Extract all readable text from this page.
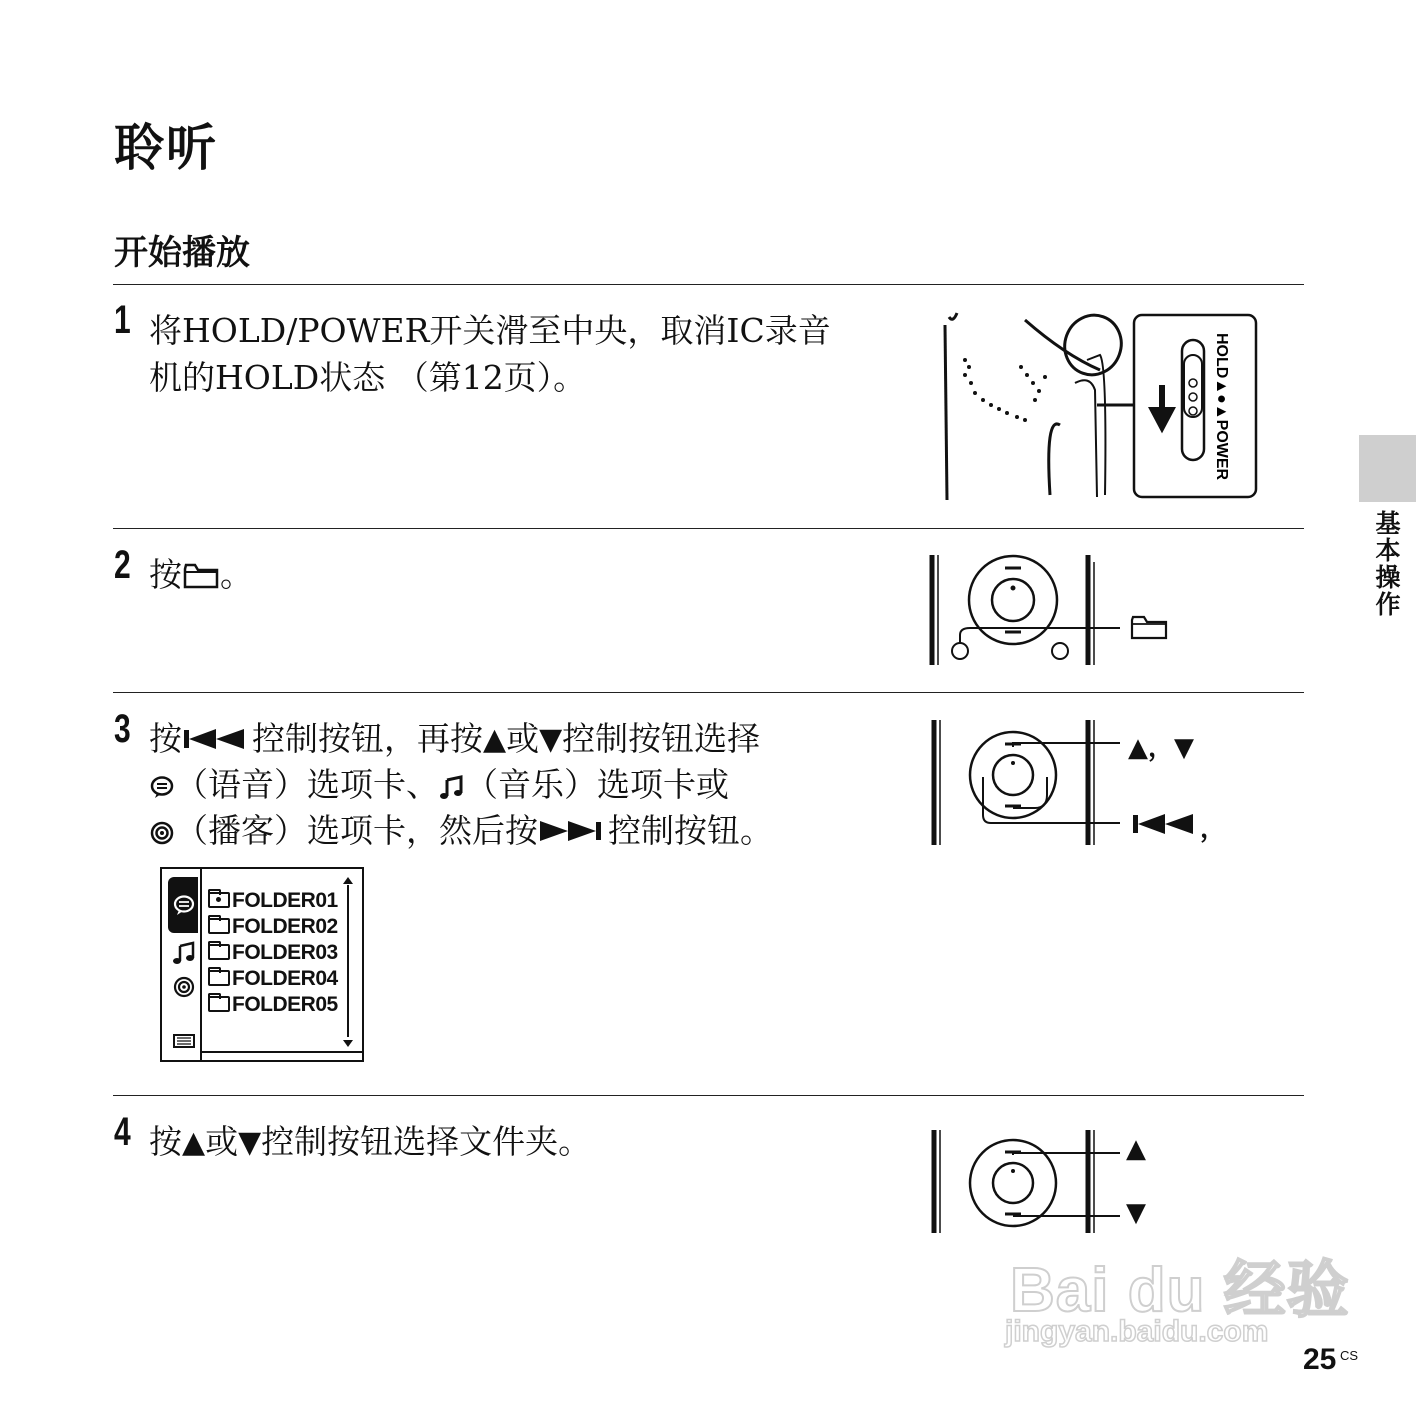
聆听
开始播放
基本操作
1 将HOLD/POWER开关滑至中央，取消IC录音
机的HOLD状态 （第12页）。	HOLD▲●▲POWER
2 按 。
3 按 控制按钮，再按▲或▼控制按钮选择
（语音）选项卡、 （音乐）选项卡或
（播客）选项卡，然后按 控制按钮。
FOLDER01
FOLDER02
FOLDER03
FOLDER04
FOLDER05
▲，▼
，
4 按▲或▼控制按钮选择文件夹。	▲
▼
Bai du 经验
jingyan.baidu.com
25 CS
